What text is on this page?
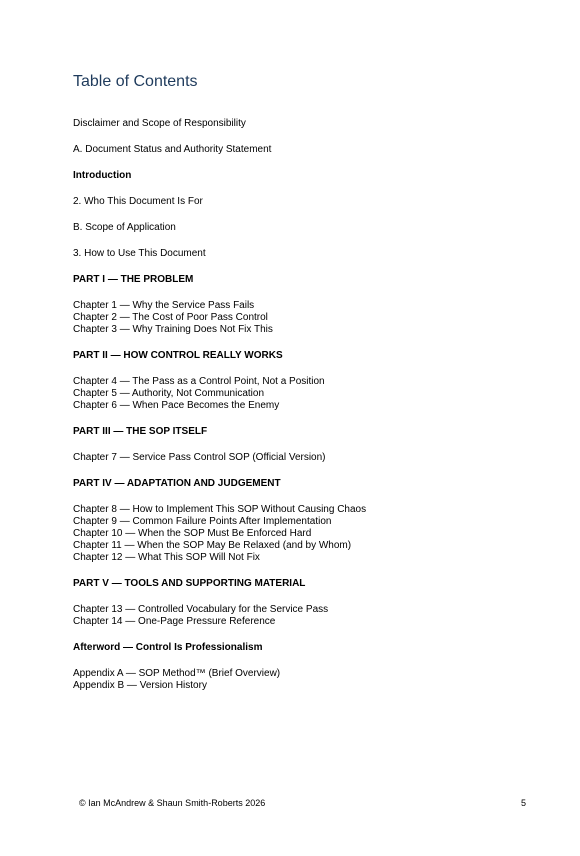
Table of Contents
Disclaimer and Scope of Responsibility
A. Document Status and Authority Statement
Introduction
2. Who This Document Is For
B. Scope of Application
3. How to Use This Document
PART I — THE PROBLEM
Chapter 1 — Why the Service Pass Fails
Chapter 2 — The Cost of Poor Pass Control
Chapter 3 — Why Training Does Not Fix This
PART II — HOW CONTROL REALLY WORKS
Chapter 4 — The Pass as a Control Point, Not a Position
Chapter 5 — Authority, Not Communication
Chapter 6 — When Pace Becomes the Enemy
PART III — THE SOP ITSELF
Chapter 7 — Service Pass Control SOP (Official Version)
PART IV — ADAPTATION AND JUDGEMENT
Chapter 8 — How to Implement This SOP Without Causing Chaos
Chapter 9 — Common Failure Points After Implementation
Chapter 10 — When the SOP Must Be Enforced Hard
Chapter 11 — When the SOP May Be Relaxed (and by Whom)
Chapter 12 — What This SOP Will Not Fix
PART V — TOOLS AND SUPPORTING MATERIAL
Chapter 13 — Controlled Vocabulary for the Service Pass
Chapter 14 — One-Page Pressure Reference
Afterword — Control Is Professionalism
Appendix A — SOP Method™ (Brief Overview)
Appendix B — Version History
© Ian McAndrew & Shaun Smith-Roberts 2026	5
